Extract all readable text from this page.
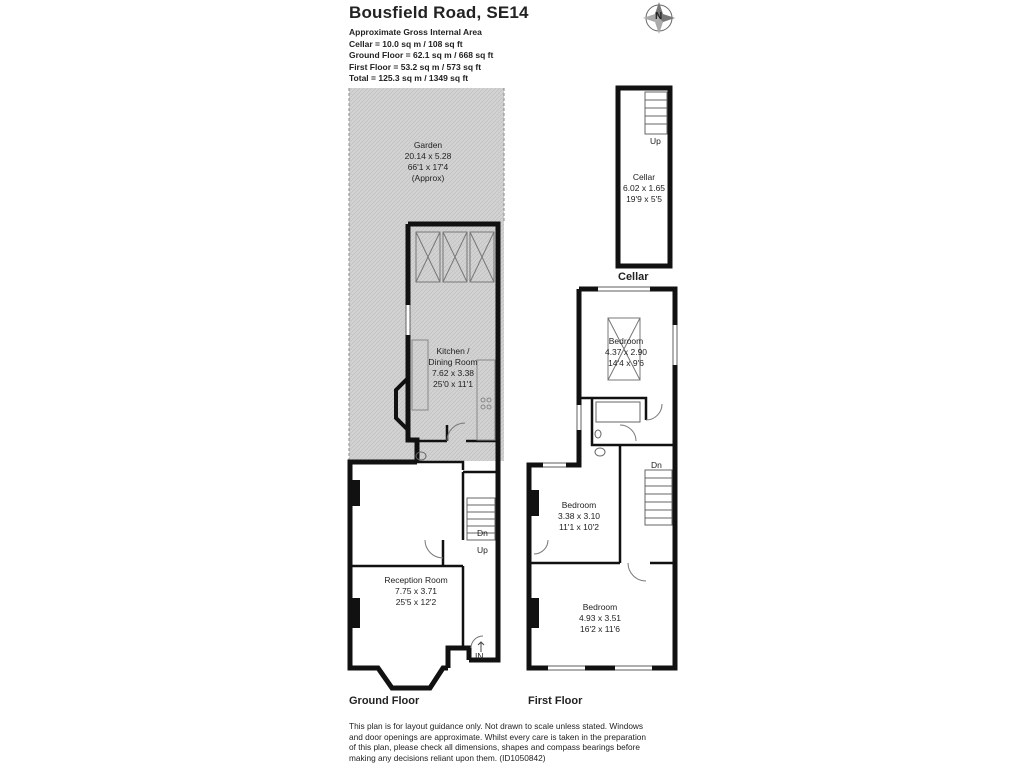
Bousfield Road, SE14
Approximate Gross Internal Area
Cellar = 10.0 sq m / 108 sq ft
Ground Floor = 62.1 sq m / 668 sq ft
First Floor = 53.2 sq m / 573 sq ft
Total = 125.3 sq m / 1349 sq ft
N
Garden
20.14 x 5.28
66'1 x 17'4
(Approx)
Kitchen /
Dining Room
7.62 x 3.38
25'0 x 11'1
Reception Room
7.75 x 3.71
25'5 x 12'2
Dn
Up
IN
Ground Floor
Up
Cellar
6.02 x 1.65
19'9 x 5'5
Cellar
Bedroom
4.37 x 2.90
14'4 x 9'6
Bedroom
3.38 x 3.10
11'1 x 10'2
Bedroom
4.93 x 3.51
16'2 x 11'6
Dn
First Floor
This plan is for layout guidance only. Not drawn to scale unless stated. Windows and door openings are approximate. Whilst every care is taken in the preparation of this plan, please check all dimensions, shapes and compass bearings before making any decisions reliant upon them. (ID1050842)
